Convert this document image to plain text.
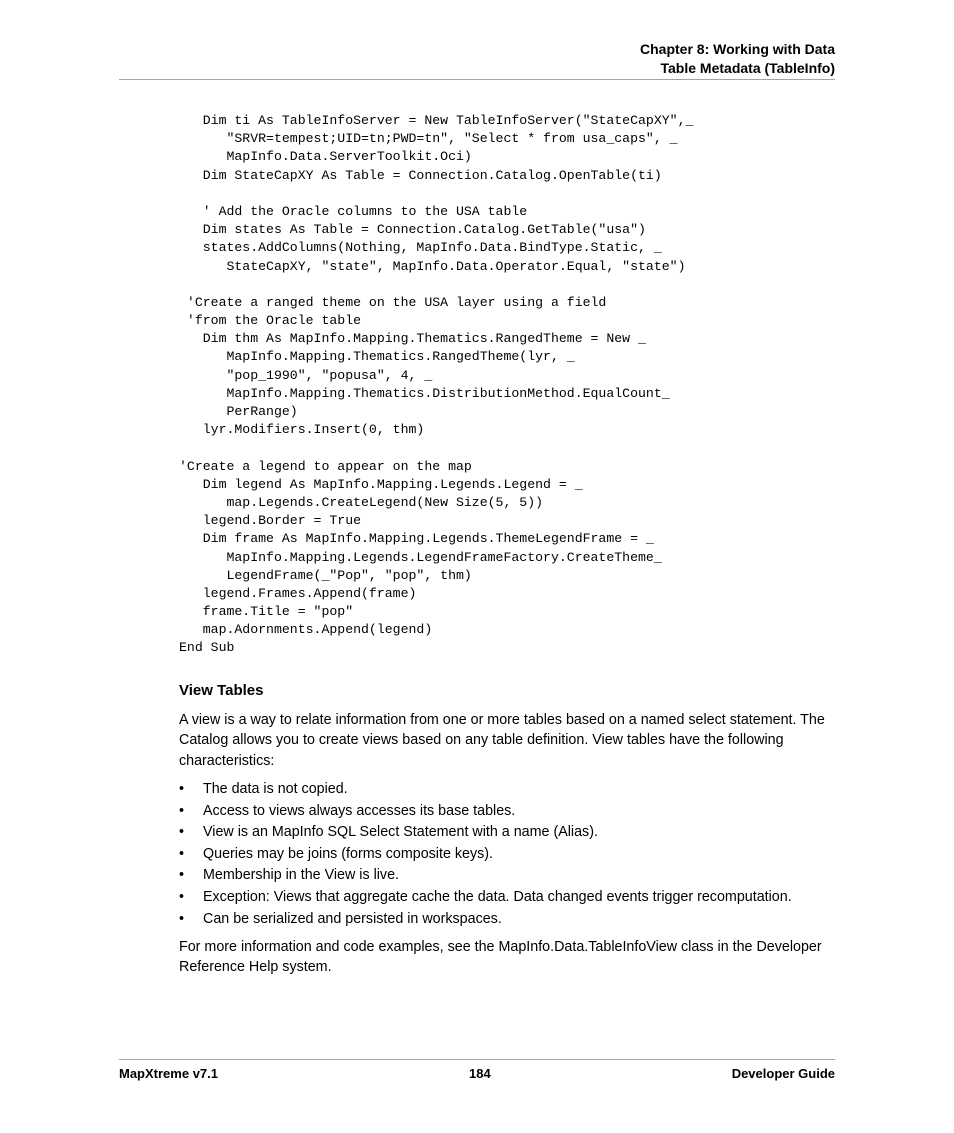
Chapter 8: Working with Data
Table Metadata (TableInfo)
Dim ti As TableInfoServer = New TableInfoServer("StateCapXY",_
"SRVR=tempest;UID=tn;PWD=tn", "Select * from usa_caps", _
MapInfo.Data.ServerToolkit.Oci)
Dim StateCapXY As Table = Connection.Catalog.OpenTable(ti)
' Add the Oracle columns to the USA table
Dim states As Table = Connection.Catalog.GetTable("usa")
states.AddColumns(Nothing, MapInfo.Data.BindType.Static, _
StateCapXY, "state", MapInfo.Data.Operator.Equal, "state")
'Create a ranged theme on the USA layer using a field
'from the Oracle table
Dim thm As MapInfo.Mapping.Thematics.RangedTheme = New _
MapInfo.Mapping.Thematics.RangedTheme(lyr, _
"pop_1990", "popusa", 4, _
MapInfo.Mapping.Thematics.DistributionMethod.EqualCount_
PerRange)
lyr.Modifiers.Insert(0, thm)
'Create a legend to appear on the map
Dim legend As MapInfo.Mapping.Legends.Legend = _
map.Legends.CreateLegend(New Size(5, 5))
legend.Border = True
Dim frame As MapInfo.Mapping.Legends.ThemeLegendFrame = _
MapInfo.Mapping.Legends.LegendFrameFactory.CreateTheme_
LegendFrame(_"Pop", "pop", thm)
legend.Frames.Append(frame)
frame.Title = "pop"
map.Adornments.Append(legend)
End Sub
View Tables
A view is a way to relate information from one or more tables based on a named select statement. The Catalog allows you to create views based on any table definition. View tables have the following characteristics:
• The data is not copied.
• Access to views always accesses its base tables.
• View is an MapInfo SQL Select Statement with a name (Alias).
• Queries may be joins (forms composite keys).
• Membership in the View is live.
• Exception: Views that aggregate cache the data. Data changed events trigger recomputation.
• Can be serialized and persisted in workspaces.
For more information and code examples, see the MapInfo.Data.TableInfoView class in the Developer Reference Help system.
MapXtreme v7.1	184	Developer Guide
